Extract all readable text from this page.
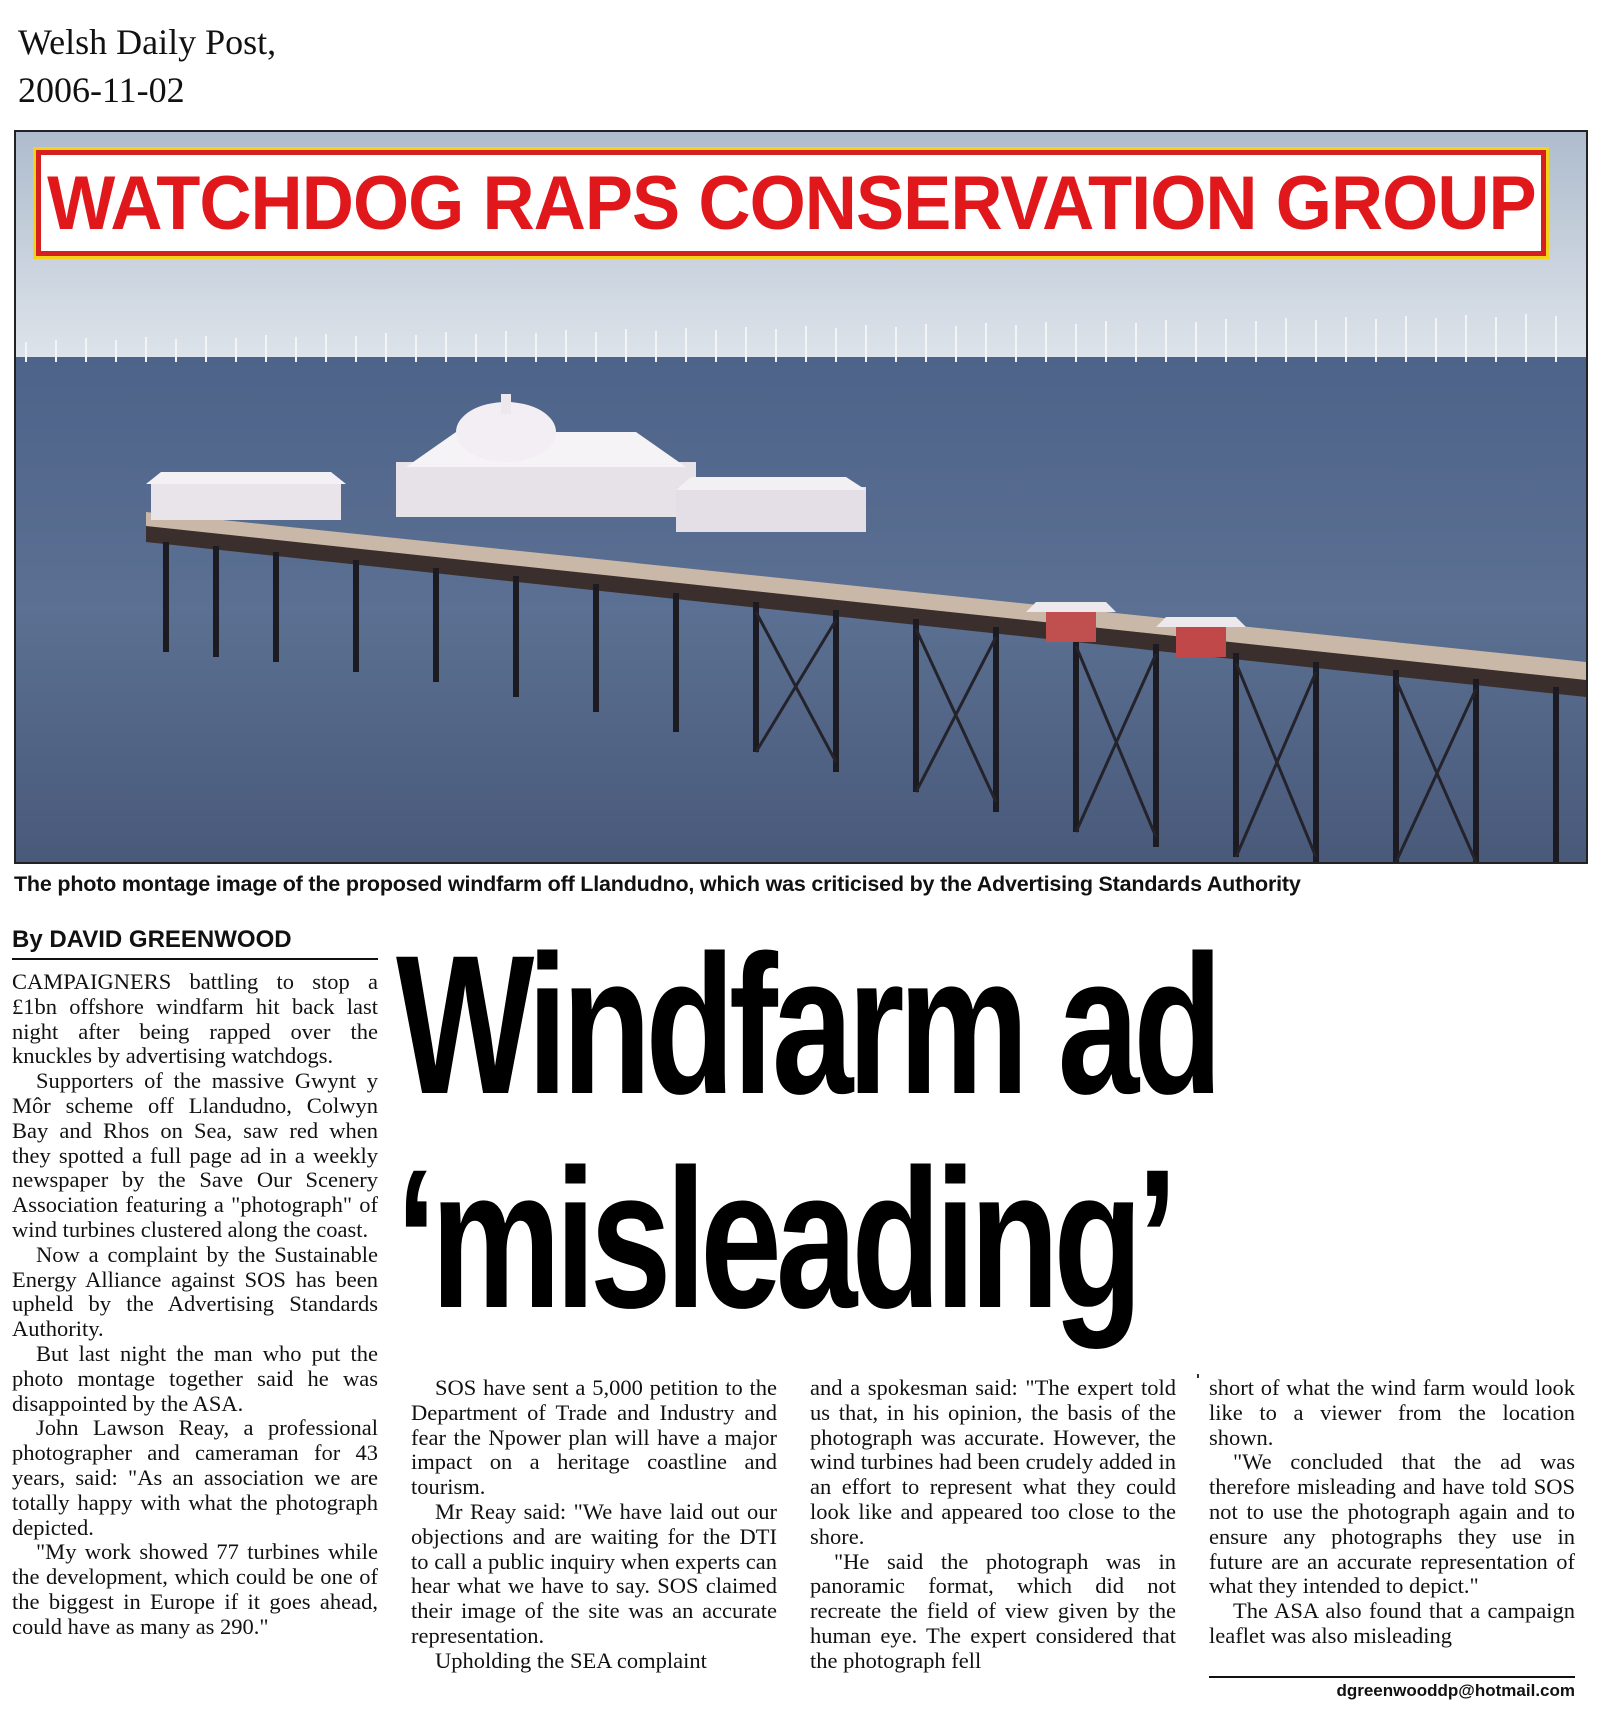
Welsh Daily Post,
2006-11-02
WATCHDOG RAPS CONSERVATION GROUP
The photo montage image of the proposed windfarm off Llandudno, which was criticised by the Advertising Standards Authority
By DAVID GREENWOOD Windfarm ad
‘misleading’

CAMPAIGNERS battling to stop a £1bn offshore windfarm hit back last night after being rapped over the knuckles by advertising watchdogs.

Supporters of the massive Gwynt y Môr scheme off Llandudno, Colwyn Bay and Rhos on Sea, saw red when they spotted a full page ad in a weekly newspaper by the Save Our Scenery Association featuring a "photograph" of wind turbines clustered along the coast.

Now a complaint by the Sustainable Energy Alliance against SOS has been upheld by the Advertising Standards Authority.

But last night the man who put the photo montage together said he was disappointed by the ASA.

John Lawson Reay, a professional photographer and cameraman for 43 years, said: "As an association we are totally happy with what the photograph depicted.

"My work showed 77 turbines while the development, which could be one of the biggest in Europe if it goes ahead, could have as many as 290."

SOS have sent a 5,000 petition to the Department of Trade and Industry and fear the Npower plan will have a major impact on a heritage coastline and tourism.

Mr Reay said: "We have laid out our objections and are waiting for the DTI to call a public inquiry when experts can hear what we have to say. SOS claimed their image of the site was an accurate representation.

Upholding the SEA complaint

and a spokesman said: "The expert told us that, in his opinion, the basis of the photograph was accurate. However, the wind turbines had been crudely added in an effort to represent what they could look like and appeared too close to the shore.

"He said the photograph was in panoramic format, which did not recreate the field of view given by the human eye. The expert considered that the photograph fell

short of what the wind farm would look like to a viewer from the location shown.

"We concluded that the ad was therefore misleading and have told SOS not to use the photograph again and to ensure any photographs they use in future are an accurate representation of what they intended to depict."

The ASA also found that a campaign leaflet was also misleading

dgreenwooddp@hotmail.com
